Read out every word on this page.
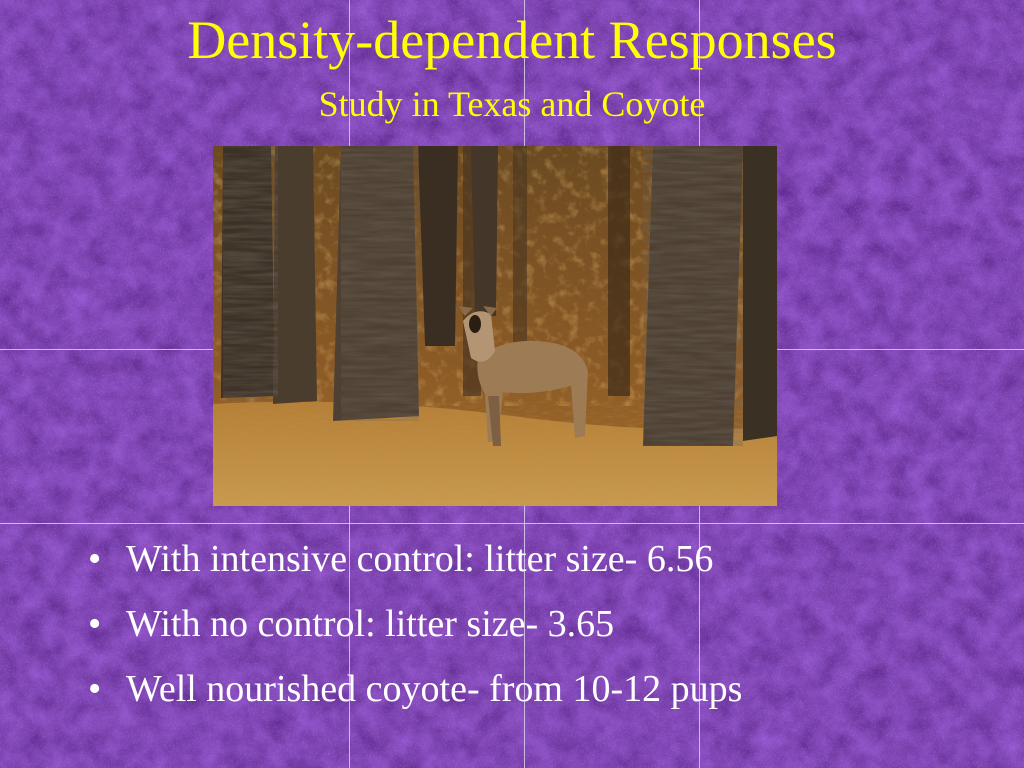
Density-dependent Responses
Study in Texas and Coyote
• With intensive control: litter size- 6.56
• With no control: litter size- 3.65
• Well nourished coyote- from 10-12 pups
